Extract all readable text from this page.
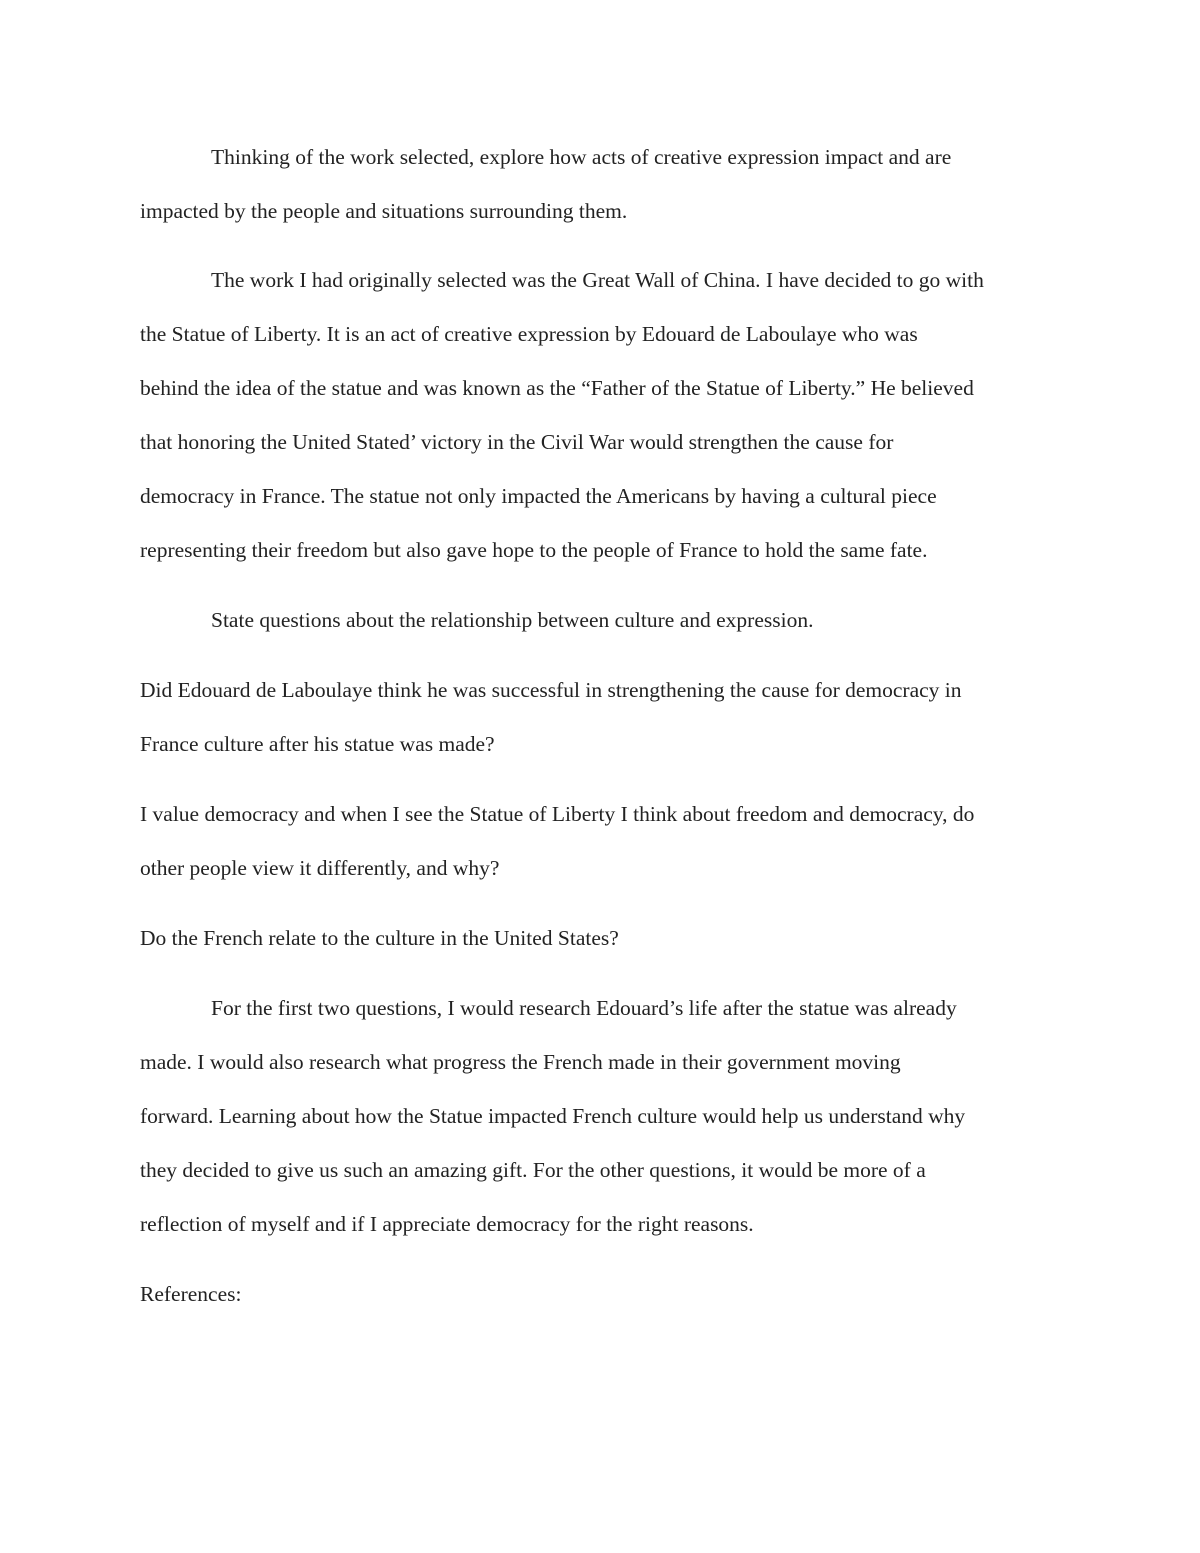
Thinking of the work selected, explore how acts of creative expression impact and are
impacted by the people and situations surrounding them.
The work I had originally selected was the Great Wall of China. I have decided to go with
the Statue of Liberty. It is an act of creative expression by Edouard de Laboulaye who was
behind the idea of the statue and was known as the “Father of the Statue of Liberty.” He believed
that honoring the United Stated’ victory in the Civil War would strengthen the cause for
democracy in France. The statue not only impacted the Americans by having a cultural piece
representing their freedom but also gave hope to the people of France to hold the same fate.
State questions about the relationship between culture and expression.
Did Edouard de Laboulaye think he was successful in strengthening the cause for democracy in
France culture after his statue was made?
I value democracy and when I see the Statue of Liberty I think about freedom and democracy, do
other people view it differently, and why?
Do the French relate to the culture in the United States?
For the first two questions, I would research Edouard’s life after the statue was already
made. I would also research what progress the French made in their government moving
forward. Learning about how the Statue impacted French culture would help us understand why
they decided to give us such an amazing gift. For the other questions, it would be more of a
reflection of myself and if I appreciate democracy for the right reasons.
References:
